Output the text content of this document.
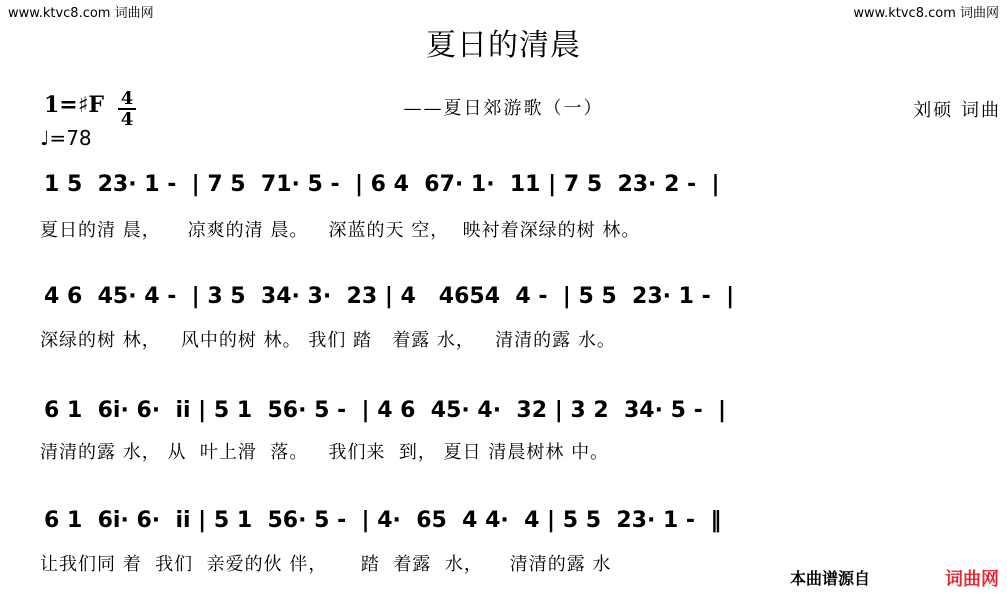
www.ktvc8.com 词曲网	www.ktvc8.com 词曲网
夏日的清晨
——夏日郊游歌（一）	刘硕 词曲
1=♯F 4
4
♩=78
1 5  23· 1 -  | 7 5  71· 5 -  | 6 4  67· 1·  11 | 7 5  23· 2 -  |
夏日的清 晨，    凉爽的清 晨。   深蓝的天 空，  映衬着深绿的树 林。
4 6  45· 4 -  | 3 5  34· 3·  23 | 4   4654  4 -  | 5 5  23· 1 -  |
深绿的树 林，   风中的树 林。 我们 踏   着露 水，   清清的露 水。
6 1  6i· 6·  ii | 5 1  56· 5 -  | 4 6  45· 4·  32 | 3 2  34· 5 -  |
清清的露 水， 从  叶上滑  落。   我们来  到， 夏日 清晨树林 中。
6 1  6i· 6·  ii | 5 1  56· 5 -  | 4·  65  4 4·  4 | 5 5  23· 1 -  ‖
让我们同 着  我们  亲爱的伙 伴，     踏  着露  水，    清清的露 水
本曲谱源自	词曲网
